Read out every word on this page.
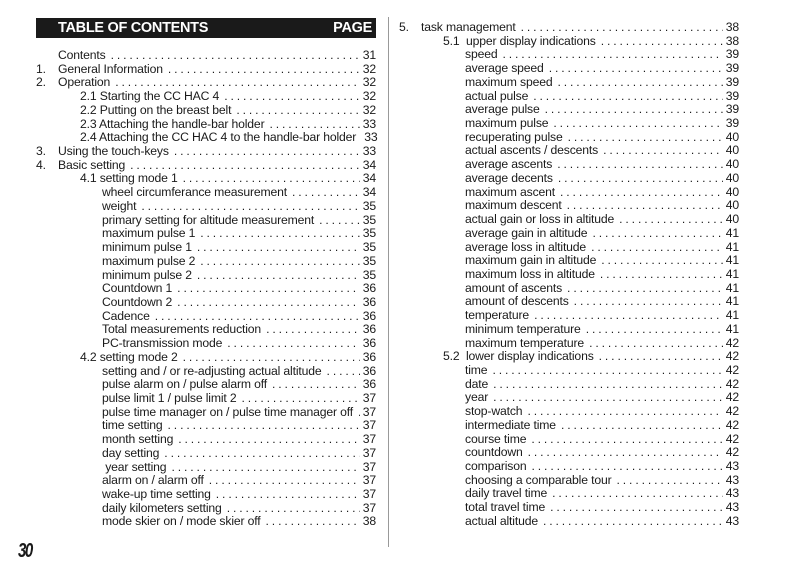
TABLE OF CONTENTS	PAGE
Contents . . .	31
1. General Information . . .	32
2. Operation . . .	32
2.1 Starting the CC HAC 4 . . .	32
2.2 Putting on the breast belt . . .	32
2.3 Attaching the handle-bar holder . . .	33
2.4 Attaching the CC HAC 4 to the handle-bar holder 33
3. Using the touch-keys . . .	33
4. Basic setting . . .	34
4.1 setting mode 1 . . .	34
wheel circumferance measurement . . .	34
weight . . .	35
primary setting for altitude measurement . . .	35
maximum pulse 1 . . .	35
minimum pulse 1 . . .	35
maximum pulse 2 . . .	35
minimum pulse 2 . . .	35
Countdown 1 . . .	36
Countdown 2 . . .	36
Cadence . . .	36
Total measurements reduction . . .	36
PC-transmission mode . . .	36
4.2 setting mode 2 . . .	36
setting and / or re-adjusting actual altitude . . .	36
pulse alarm on / pulse alarm off . . .	36
pulse limit 1 / pulse limit 2 . . .	37
pulse time manager on / pulse time manager off . . . 37
time setting . . .	37
month setting . . .	37
day setting . . .	37
year setting . . .	37
alarm on / alarm off . . .	37
wake-up time setting . . .	37
daily kilometers setting . . .	37
mode skier on / mode skier off . . .	38
5. task management . . .	38
5.1  upper display indications . . .	38
speed . . .	39
average speed . . .	39
maximum speed . . .	39
actual pulse . . .	39
average pulse . . .	39
maximum pulse . . .	39
recuperating pulse . . .	40
actual ascents / descents . . .	40
average ascents . . .	40
average decents . . .	40
maximum ascent . . .	40
maximum descent . . .	40
actual gain or loss in altitude . . .	40
average gain in altitude . . .	41
average loss in altitude . . .	41
maximum gain in altitude . . .	41
maximum loss in altitude . . .	41
amount of ascents . . .	41
amount of descents . . .	41
temperature . . .	41
minimum temperature . . .	41
maximum temperature . . .	42
5.2  lower display indications . . .	42
time . . .	42
date . . .	42
year . . .	42
stop-watch . . .	42
intermediate time . . .	42
course time . . .	42
countdown . . .	42
comparison . . .	43
choosing a comparable tour . . .	43
daily travel time . . .	43
total travel time . . .	43
actual altitude . . .	43
30
